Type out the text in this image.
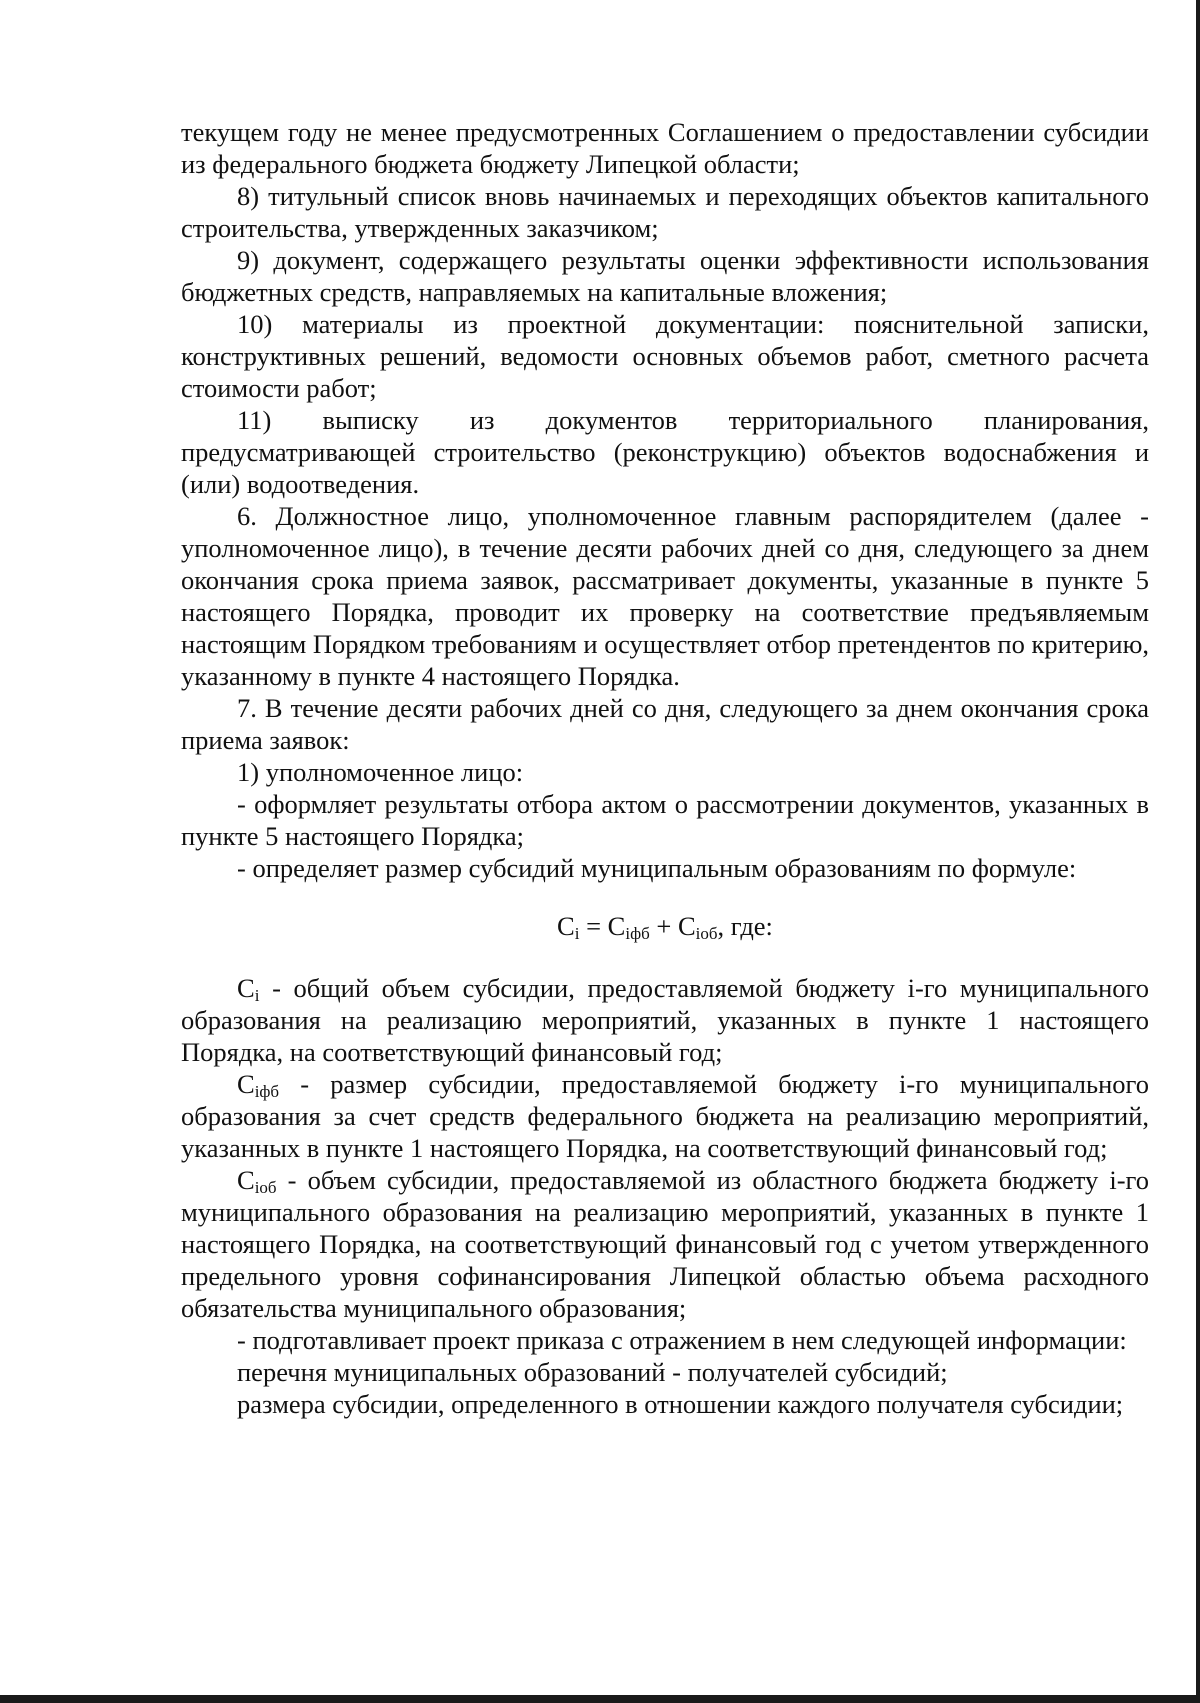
текущем году не менее предусмотренных Соглашением о предоставлении субсидии из федерального бюджета бюджету Липецкой области;

8) титульный список вновь начинаемых и переходящих объектов капитального строительства, утвержденных заказчиком;

9) документ, содержащего результаты оценки эффективности использования бюджетных средств, направляемых на капитальные вложения;

10) материалы из проектной документации: пояснительной записки, конструктивных решений, ведомости основных объемов работ, сметного расчета стоимости работ;

11) выписку из документов территориального планирования, предусматривающей строительство (реконструкцию) объектов водоснабжения и (или) водоотведения.

6. Должностное лицо, уполномоченное главным распорядителем (далее - уполномоченное лицо), в течение десяти рабочих дней со дня, следующего за днем окончания срока приема заявок, рассматривает документы, указанные в пункте 5 настоящего Порядка, проводит их проверку на соответствие предъявляемым настоящим Порядком требованиям и осуществляет отбор претендентов по критерию, указанному в пункте 4 настоящего Порядка.

7. В течение десяти рабочих дней со дня, следующего за днем окончания срока приема заявок:

1) уполномоченное лицо:

- оформляет результаты отбора актом о рассмотрении документов, указанных в пункте 5 настоящего Порядка;

- определяет размер субсидий муниципальным образованиям по формуле:

$C_i = C_{iфб} + C_{iоб}$, где:

$C_i$ - общий объем субсидии, предоставляемой бюджету i-го муниципального образования на реализацию мероприятий, указанных в пункте 1 настоящего Порядка, на соответствующий финансовый год;

$C_{iфб}$ - размер субсидии, предоставляемой бюджету i-го муниципального образования за счет средств федерального бюджета на реализацию мероприятий, указанных в пункте 1 настоящего Порядка, на соответствующий финансовый год;

$C_{iоб}$ - объем субсидии, предоставляемой из областного бюджета бюджету i-го муниципального образования на реализацию мероприятий, указанных в пункте 1 настоящего Порядка, на соответствующий финансовый год с учетом утвержденного предельного уровня софинансирования Липецкой областью объема расходного обязательства муниципального образования;

- подготавливает проект приказа с отражением в нем следующей информации:

перечня муниципальных образований - получателей субсидий;

размера субсидии, определенного в отношении каждого получателя субсидии;
